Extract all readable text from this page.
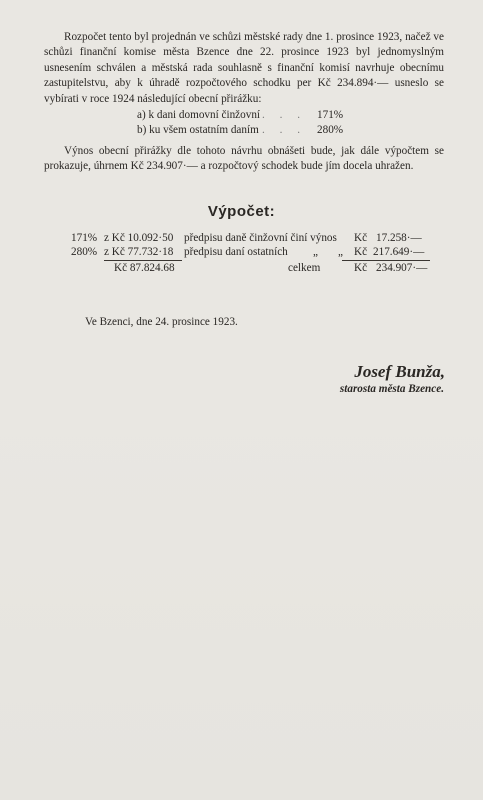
Rozpočet tento byl projednán ve schůzi městské rady dne 1. prosince 1923, načež ve schůzi finanční komise města Bzence dne 22. prosince 1923 byl jednomyslným usnesením schválen a městská rada souhlasně s finanční komisí navrhuje obecnímu zastupitelstvu, aby k úhradě rozpočtového schodku per Kč 234.894·— usneslo se vybírati v roce 1924 následující obecní přirážku:

a) k dani domovní činžovní . . . 171%
b) ku všem ostatním daním . . . 280%

Výnos obecní přirážky dle tohoto návrhu obnášeti bude, jak dále výpočtem se prokazuje, úhrnem Kč 234.907·— a rozpočtový schodek bude jím docela uhražen.

Výpočet:
171% z Kč 10.092·50 předpisu daně činžovní činí výnos Kč 17.258·—
280% z Kč 77.732·18 předpisu daní ostatních „ „ Kč 217.649·—
Kč 87.824.68	celkem	Kč 234.907·—
Ve Bzenci, dne 24. prosince 1923.
Josef Bunža,
starosta města Bzence.
